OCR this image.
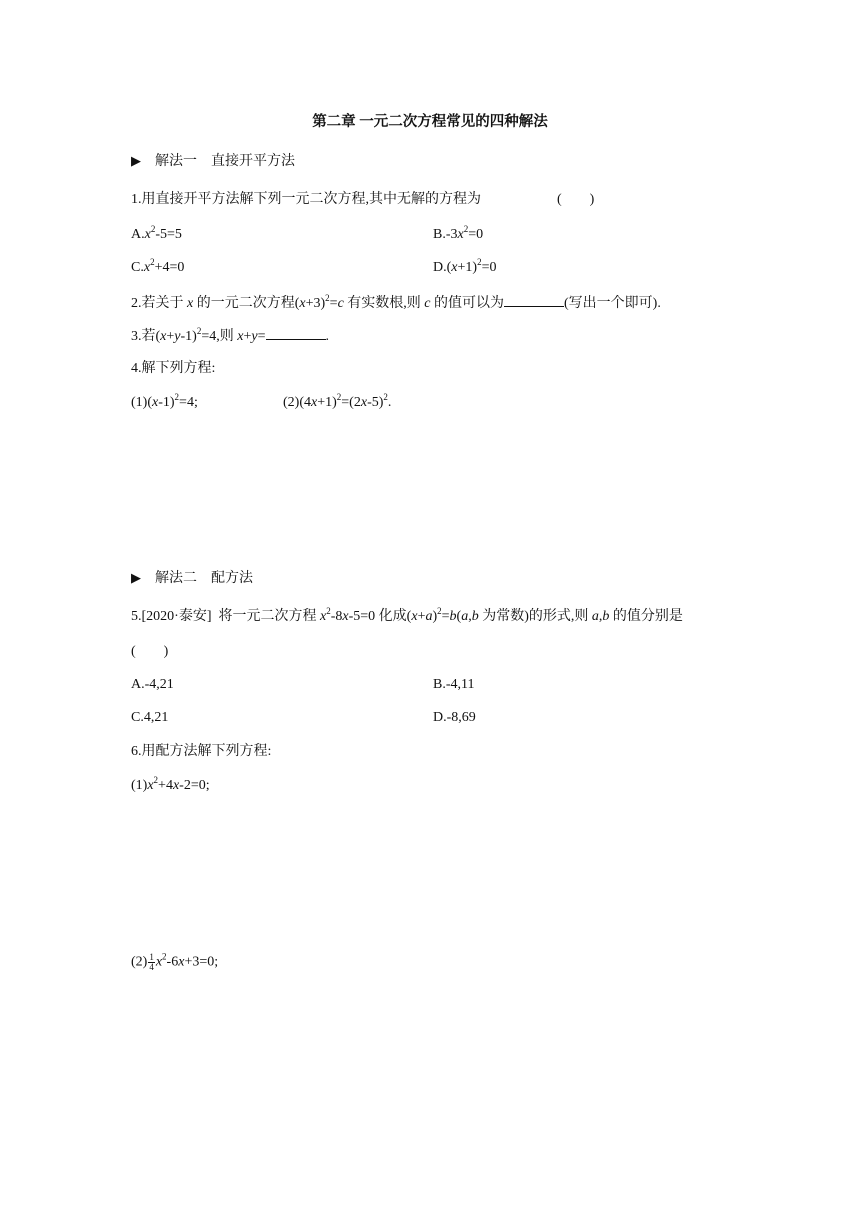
第二章 一元二次方程常见的四种解法
▶ 解法一 直接开平方法
1.用直接开平方法解下列一元二次方程,其中无解的方程为	(　　)
$A.x^2-5=5$	$B.-3x^2=0$
$C.x^2+4=0$	$D.(x+1)^2=0$
2.若关于 x 的一元二次方程$(x+3)^2=c$ 有实数根,则 c 的值可以为	(写出一个即可).
3.若$(x+y-1)^2=4$,则 x+y=	.
4.解下列方程:
$(1)(x-1)^2=4$;	$(2)(4x+1)^2=(2x-5)^2$.
▶ 解法二 配方法
5.[2020·泰安]  将一元二次方程 $x^2-8x-5=0$ 化成$(x+a)^2=b(a,b$ 为常数)的形式,则 a,b 的值分别是
(　　)
A.-4,21	B.-4,11
C.4,21	D.-8,69
6.用配方法解下列方程:
$(1)x^2+4x-2=0$;
$(2) \frac{1}{4} x^2-6x+3=0$;
